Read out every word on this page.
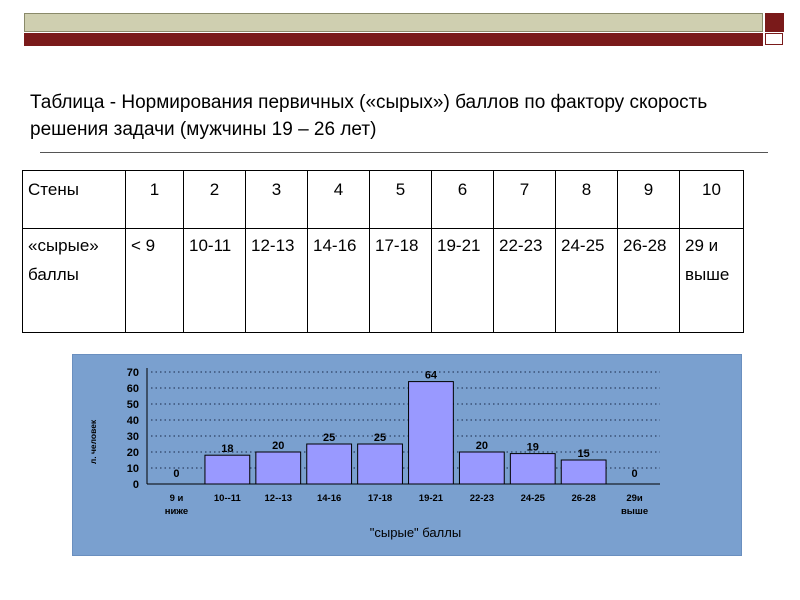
Таблица - Нормирования первичных («сырых») баллов по фактору скорость решения задачи (мужчины 19 – 26 лет)
Стены	1	2	3	4	5	6	7	8	9	10
«сырые» баллы	< 9	10-11	12-13	14-16	17-18	19-21	22-23	24-25	26-28	29 и выше
0
10
20
30
40
50
60
70
0
9 и ниже
18
10--11
20
12--13
25
14-16
25
17-18
64
19-21
20
22-23
19
24-25
15
26-28
0
29и выше
"сырые" баллы
л. человек
